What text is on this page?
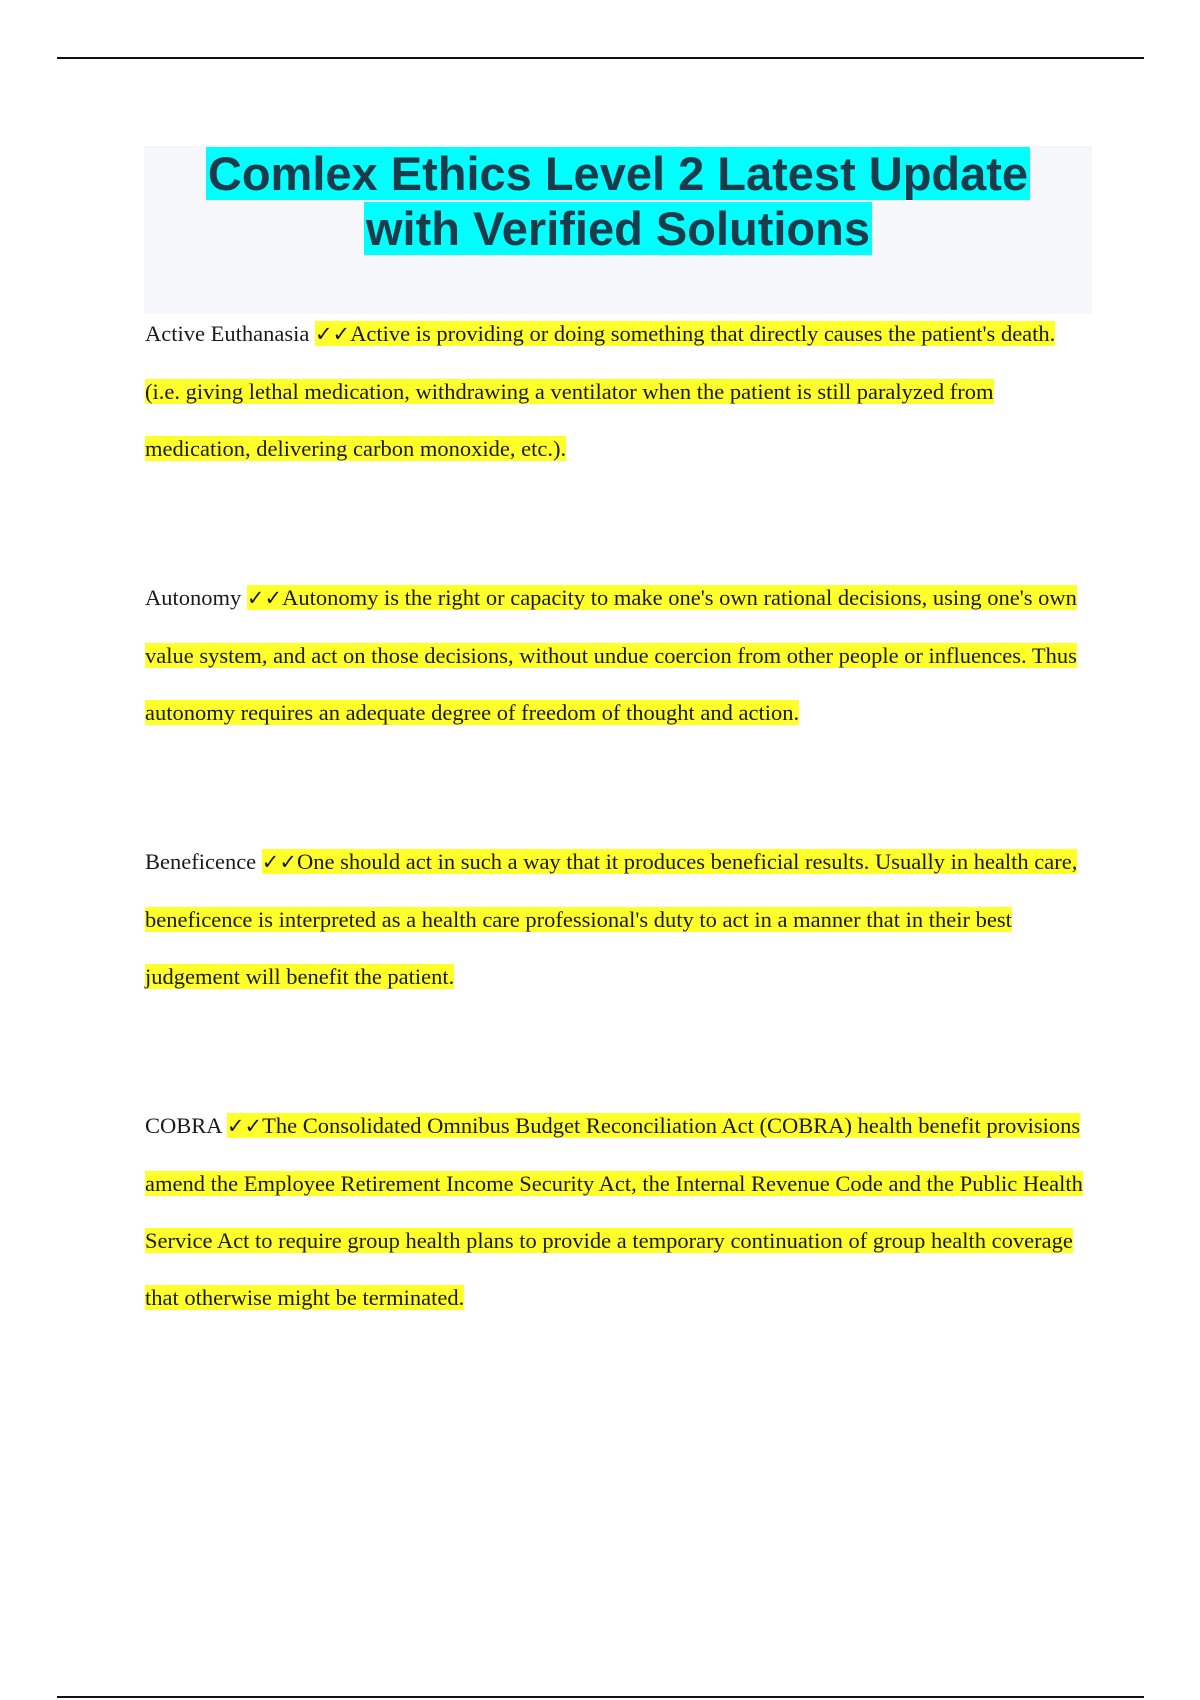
Comlex Ethics Level 2 Latest Update
with Verified Solutions

Active Euthanasia ✓✓Active is providing or doing something that directly causes the patient's death. (i.e. giving lethal medication, withdrawing a ventilator when the patient is still paralyzed from medication, delivering carbon monoxide, etc.).

Autonomy ✓✓Autonomy is the right or capacity to make one's own rational decisions, using one's own value system, and act on those decisions, without undue coercion from other people or influences. Thus autonomy requires an adequate degree of freedom of thought and action.

Beneficence ✓✓One should act in such a way that it produces beneficial results. Usually in health care, beneficence is interpreted as a health care professional's duty to act in a manner that in their best judgement will benefit the patient.

COBRA ✓✓The Consolidated Omnibus Budget Reconciliation Act (COBRA) health benefit provisions amend the Employee Retirement Income Security Act, the Internal Revenue Code and the Public Health Service Act to require group health plans to provide a temporary continuation of group health coverage that otherwise might be terminated.
